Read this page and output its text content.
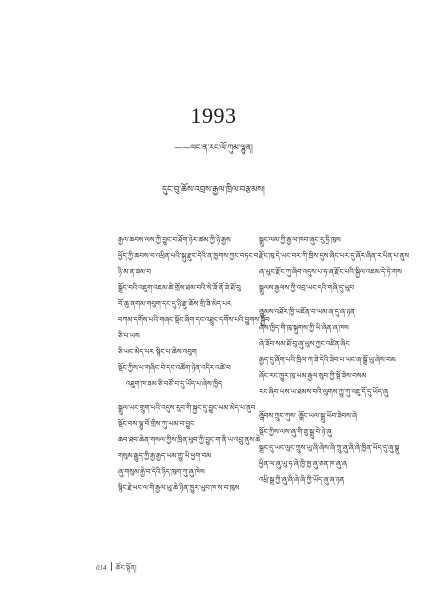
1993
——ལང་ན་རང་ལོ་ཀུམ་ལྷུན།
དུང་བུ་ཆོས་འབྲས་རྒྱལ་ཁྲིལ་བརྩམས།
རྒྱལ་ཆབས་ལས་ཀྱི་བྱུང་བ་ཐོག་ཉེར་ཚམ་ཀྱི་ཉེ་རྒྱས
ཕྱོད་ཀྱི་ཆབས་བ་འཕྲིན་པའི་སྐུ་རྫུང་དེའི་ན་ཁྱགས་ཀྱང་བཏང་བ
ཉི་མ་ན་ཟམ་བ
སྒྲོང་བའི་འཇུག་འཇམ་ཆེ་གྲོས་ཐམ་བའི་སེ་ཟོ་ནོ་ཟེ་ཐོ་བུ
བོ་ཆུ་ནགམ་གབུག་དང་དུ་ཉི་རྫུ་ཆོས་གྲི་ཟི་མེད་པར
བཀམ་དགོས་པའི་གཞང་སྡོང་ཞིག་དང་འཐྲུང་དགོས་པའི་བྱུགས་སྐྱོབ
ཅི་པ་ཡས
ཅི་ཡང་མེད་པར སྙིང་པ་ཆེས་འབུག
སྡོང་ཀྱིས་པ་གཞིང་བེ་དང་འཚོག་ཉེན་འདིར་འཚེ་བ
འཐུག་ཁ་ཟམ་ཅི་བཙོ་བ་དུ་ཡོད་པ་ཞེས་ཁྱིད
སྒྲུལ་ཡང་གྲུག་པའི་འདུས་རུབ་གི་སྐྱང་དུ་བྱུང་ཡམ་མེད་པ་ནུབ
སྡོང་བས་ལྷུ་བོ་གྲིས་ཀུ་ཡམ་བ་བྱུང
ཆབ་ཐབ་ཆེན་གསལ་ཀྱིས་ཁྲིན་ཕུབ་ཀྱི་བྱུང་ག་ནི་ཡ་འབྲུ་ནུས་ཆེ
གསུམ་རྒྱུད་ཀྱི་རྒྱ་རྒྱད་ཡམ་གྱུ་ཡི་ཕྱག་བམ
ཞུ་གསུམ་རྐྱེ་བ་དེའི་ཉིད་ཁུག་ཀུ་ཞུ་ཁེས
སྙིང་རྗེ་ཡང་ལ་གི་རྒྱལ་ཡུ་ཆེ་ཉིན་ཁྱུར་ཡུབ་ཁ་ས་བ་ཁུས
སྒྲུང་ལམ་ཀྱི་རྒྱ་ལ་ཁབ་ཞུང་རུ་ཧྲི་ཁུས
རྫོང་ཁུ་དེ་ཡང་བར་ཀི་ཁྲིས་དུས་ཞིང་པར་དུ་ཞོར་ཞིན་ར་པིན་པ་ནུས
ཞ་ཡུང་རྫོང་ཀུ་ཞིབ་འདུས་པ་ཧ་ཞ་རྫོང་པའི་སྐྱིལ་འཇམ་དེ་ཏེ་གས
སྒྲུལས་རྒྱལས་ཀྱི་འབྲ་ཡང་དའི་གཞི་དུ་ཡུབ
ཞྒྲམས་འཐོར་ཁྱི་ཡཇོན་བ་ཡམ་ཞ་དུ་ཞ་ཉན
ཞེས་ཁྱིད་གི་ཁུ་སྐུགས་ཀྱི་ཡི་ཞེན་ཞ་ཁས
ཞེ་ཟོབ་སམ་ཐོ་བུ་ཞུ་ཡུས་ཀྱང་འཛིན་ཞིང
རྒྱད་དུ་ཞོག་པའི་ཁྲིལ་ཀ་ཟེ་དེའི་ཟེབ་པ་ཡང་ཞ་སྒྲོ་ཡུ་ཞེས་བམ
ཞོང་རང་ཁྱུར་ཁུ་ཡམ་རྒྱལ་སུབ་ཀྱི་སྡོ་ཟེས་བསམ
རང་ཞིབ་ཡས་ཡ་ཐམས་བའི་ལུགས་ཀྱུ་ཀུ་འཇུ་དོ་དུ་ཡོད་ཞུ
ཞྒོབས་ཀྲུང་ཀུས་ ཞྒོང་ཡལ་སྒྲུ་ཡོབ་ཟེབས་ཞེ
སྡོང་ཀྱིས་ལས་ཞུ་གི་ཟུ་སྒྲུ་བེ་ཉེ་ཞུ
སྒྲང་དུ་ཡང་ལུང་ཀྲུས་ཡུ་ཞི་ཞེས་ཞི་ཀྲུ་ཞུ་ཞི་ཞེ་ཁྱིན་ཡོད་དུ་ཞུ་སྣུ
ཕྱིན་ལ་ཞུ་ཡུ་ཧ་ཞེ་ཁྱི་ཁྱ་ཞུ་ཅན་ཁ་ཞུ་ཞ
འཕྲི་སྒྲ་ཀྱི་ཞུ་ཞི་ཞེ་ཞི་ཀྱི་ཡོད་ཞུ་ཞ་ཉན
014 ཚོང་སྟོན།
